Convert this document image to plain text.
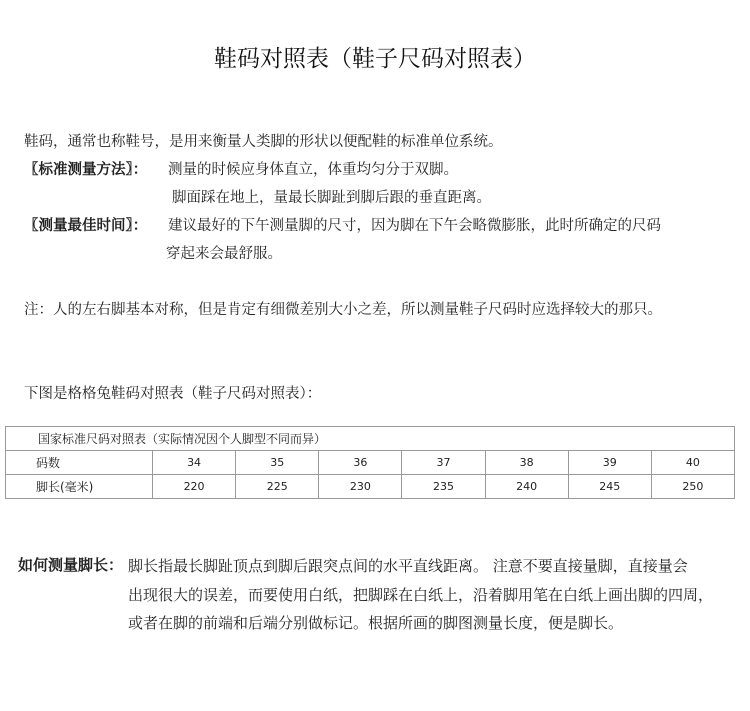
鞋码对照表（鞋子尺码对照表）
鞋码，通常也称鞋号，是用来衡量人类脚的形状以便配鞋的标准单位系统。
〖标准测量方法〗： 测量的时候应身体直立，体重均匀分于双脚。
脚面踩在地上，量最长脚趾到脚后跟的垂直距离。
〖测量最佳时间〗： 建议最好的下午测量脚的尺寸，因为脚在下午会略微膨胀，此时所确定的尺码
穿起来会最舒服。
注：人的左右脚基本对称，但是肯定有细微差别大小之差，所以测量鞋子尺码时应选择较大的那只。
下图是格格兔鞋码对照表（鞋子尺码对照表）：
国家标准尺码对照表（实际情况因个人脚型不同而异）							
码数	34	35	36	37	38	39	40
脚长(毫米)	220	225	230	235	240	245	250
如何测量脚长： 脚长指最长脚趾顶点到脚后跟突点间的水平直线距离。 注意不要直接量脚，直接量会
出现很大的误差，而要使用白纸，把脚踩在白纸上，沿着脚用笔在白纸上画出脚的四周，
或者在脚的前端和后端分别做标记。根据所画的脚图测量长度，便是脚长。
